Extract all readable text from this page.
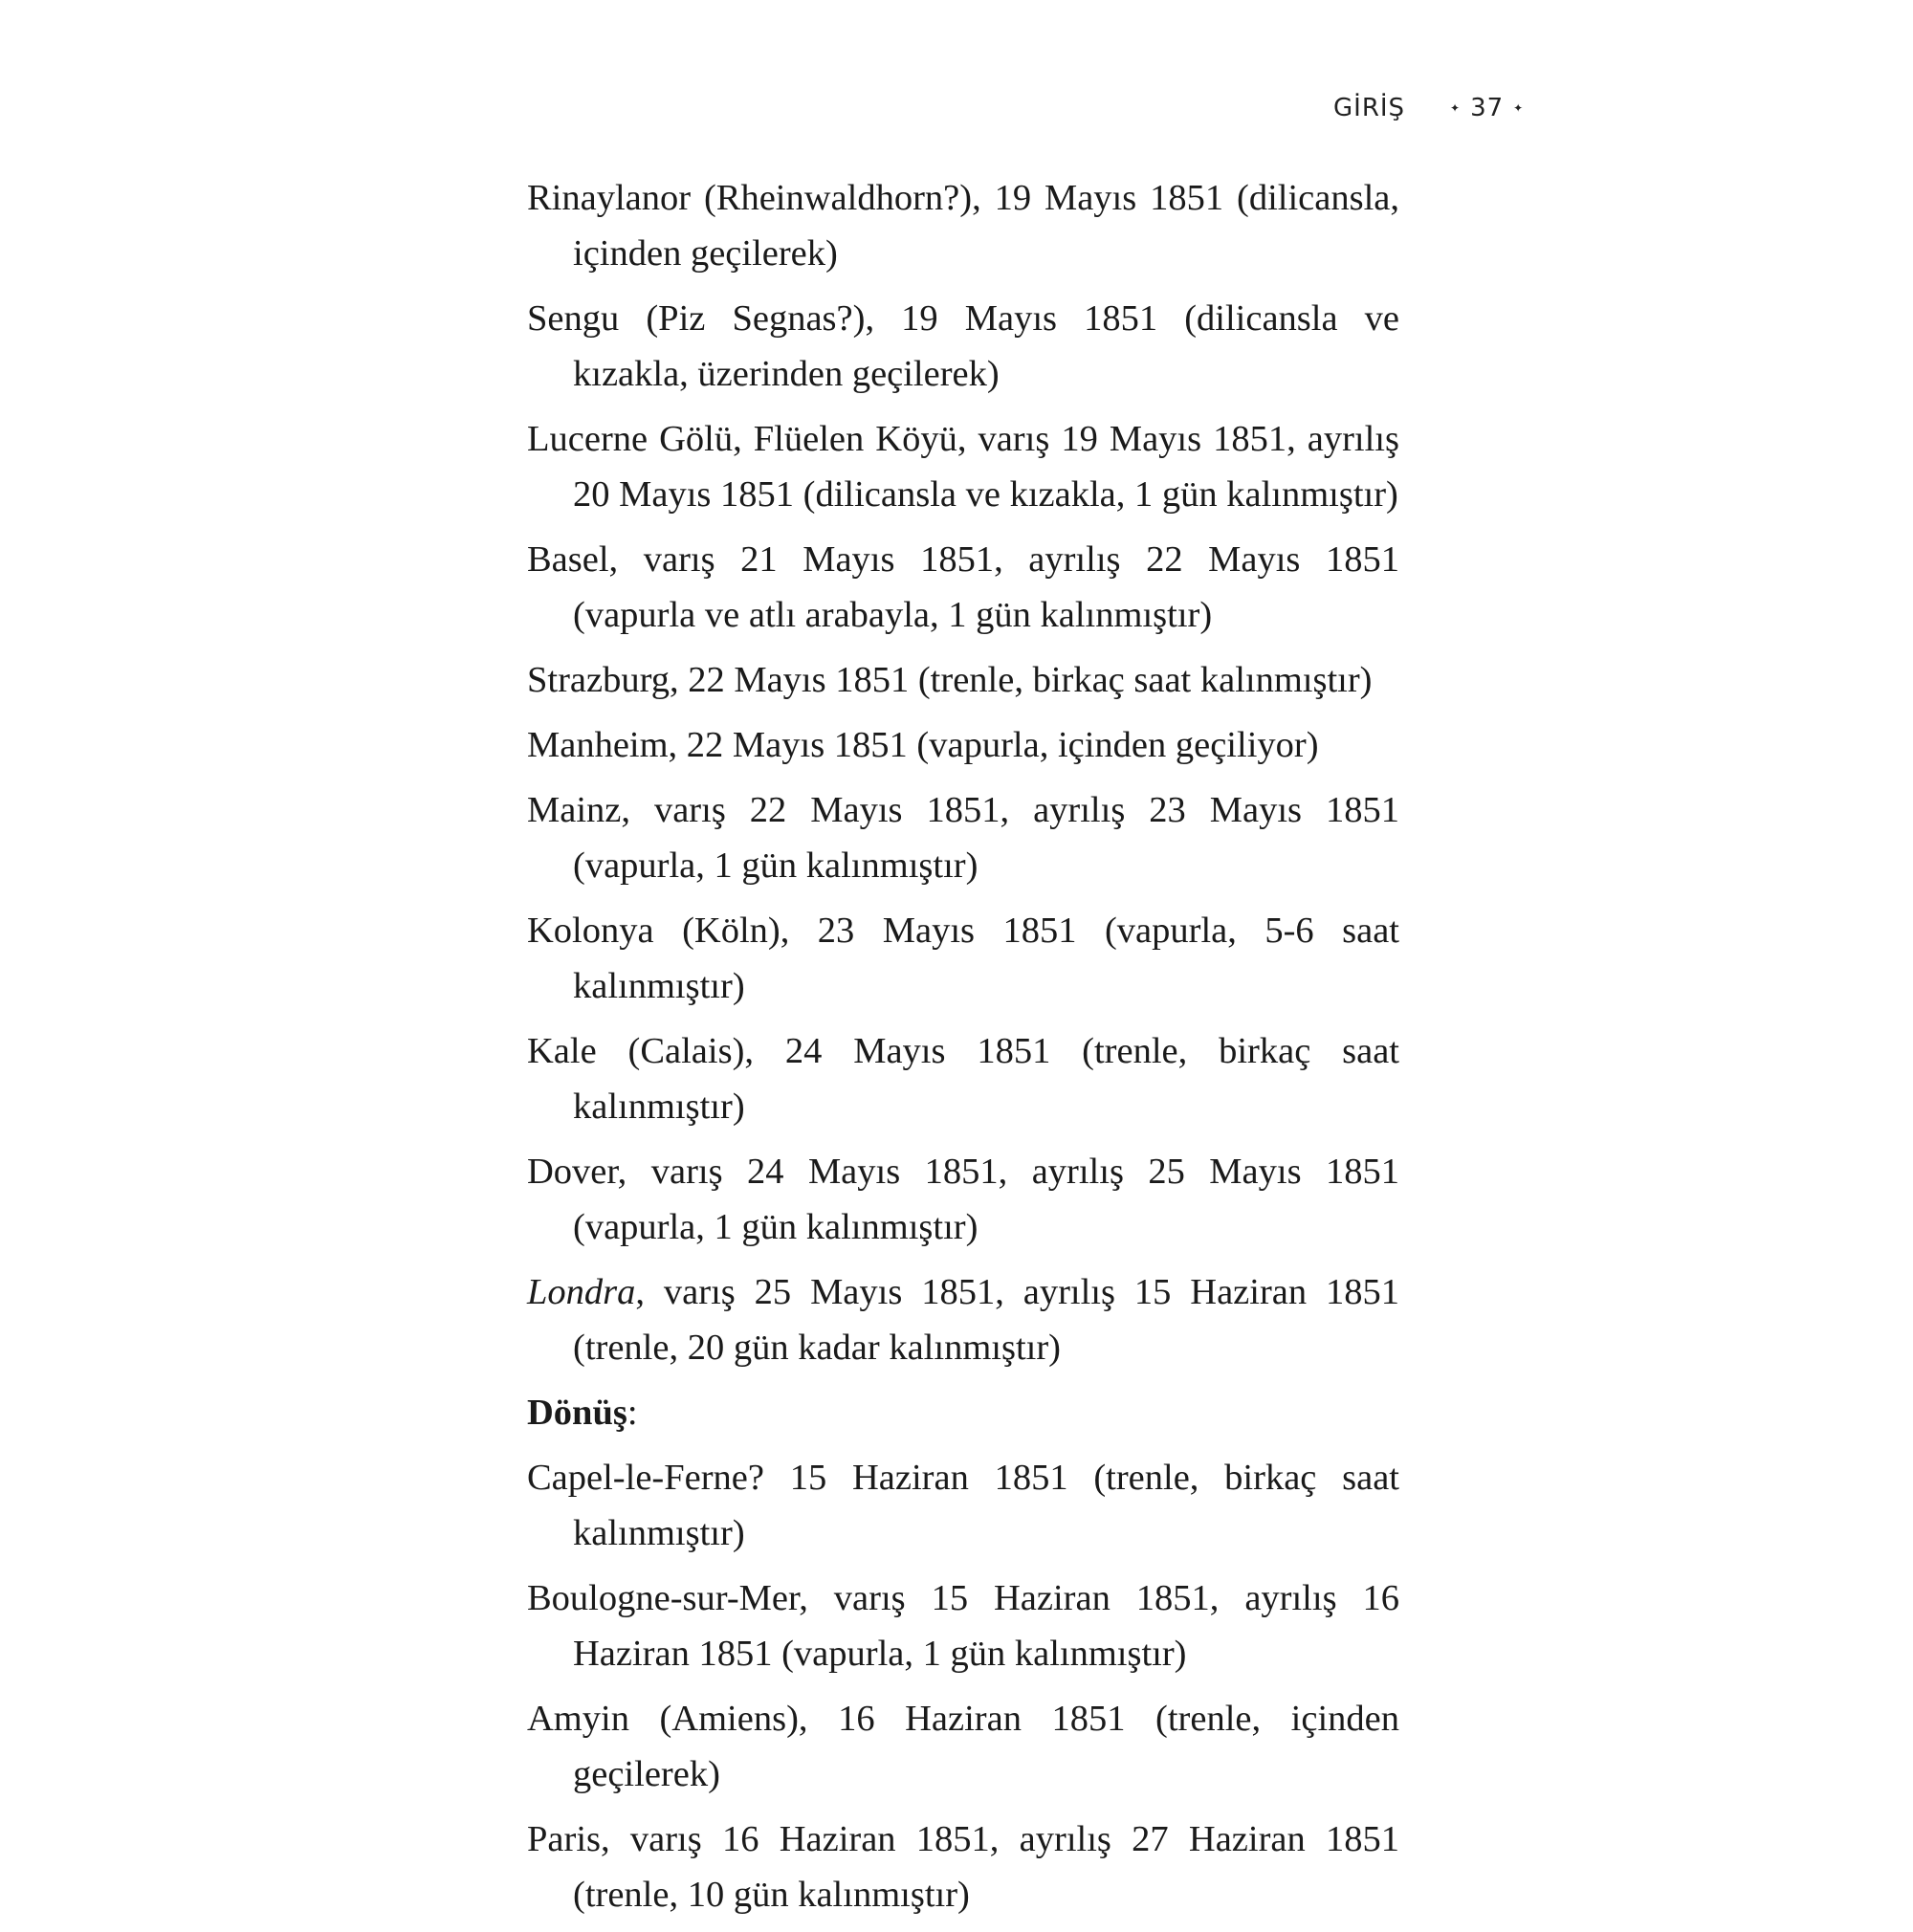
GİRİŞ	✦ 37 ✦

Rinaylanor (Rheinwaldhorn?), 19 Mayıs 1851 (dilicansla, içinden geçilerek)

Sengu (Piz Segnas?), 19 Mayıs 1851 (dilicansla ve kızakla, üzerinden geçilerek)

Lucerne Gölü, Flüelen Köyü, varış 19 Mayıs 1851, ayrılış 20 Mayıs 1851 (dilicansla ve kızakla, 1 gün kalınmıştır)

Basel, varış 21 Mayıs 1851, ayrılış 22 Mayıs 1851 (vapurla ve atlı arabayla, 1 gün kalınmıştır)

Strazburg, 22 Mayıs 1851 (trenle, birkaç saat kalınmıştır)

Manheim, 22 Mayıs 1851 (vapurla, içinden geçiliyor)

Mainz, varış 22 Mayıs 1851, ayrılış 23 Mayıs 1851 (vapurla, 1 gün kalınmıştır)

Kolonya (Köln), 23 Mayıs 1851 (vapurla, 5-6 saat kalınmıştır)

Kale (Calais), 24 Mayıs 1851 (trenle, birkaç saat kalınmıştır)

Dover, varış 24 Mayıs 1851, ayrılış 25 Mayıs 1851 (vapurla, 1 gün kalınmıştır)

Londra, varış 25 Mayıs 1851, ayrılış 15 Haziran 1851 (trenle, 20 gün kadar kalınmıştır)

Dönüş:

Capel-le-Ferne? 15 Haziran 1851 (trenle, birkaç saat kalınmıştır)

Boulogne-sur-Mer, varış 15 Haziran 1851, ayrılış 16 Haziran 1851 (vapurla, 1 gün kalınmıştır)

Amyin (Amiens), 16 Haziran 1851 (trenle, içinden geçilerek)

Paris, varış 16 Haziran 1851, ayrılış 27 Haziran 1851 (trenle, 10 gün kalınmıştır)
